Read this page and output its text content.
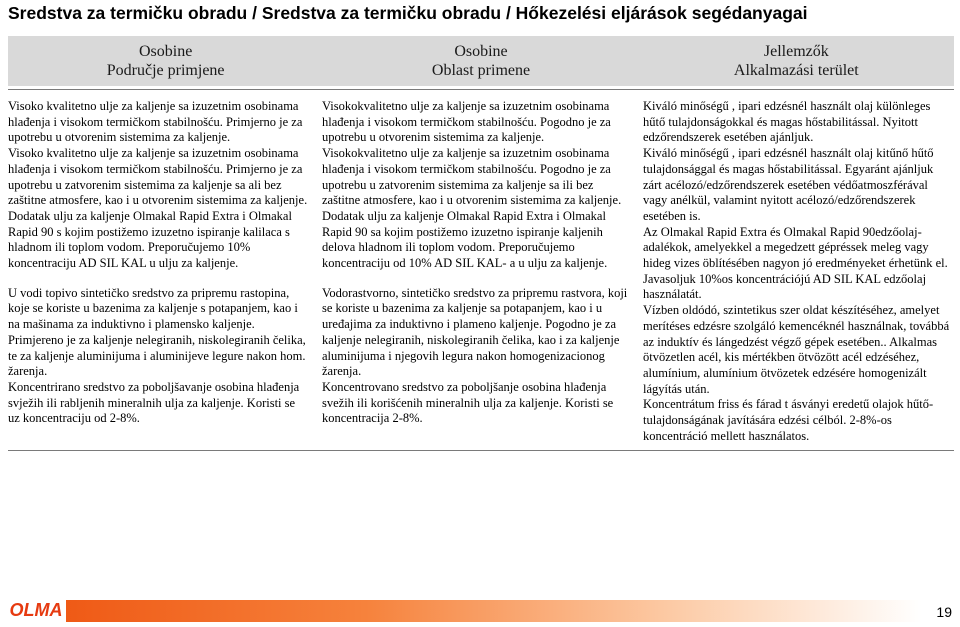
Sredstva za termičku obradu / Sredstva za termičku obradu / Hőkezelési eljárások segédanyagai
Osobine
Područje primjene
Osobine
Oblast primene
Jellemzők
Alkalmazási terület

Visoko kvalitetno ulje za kaljenje sa izuzetnim osobinama hlađenja i visokom termičkom stabilnošću. Primjerno je za upotrebu u otvorenim sistemima za kaljenje.

Visoko kvalitetno ulje za kaljenje sa izuzetnim osobinama hlađenja i visokom termičkom stabilnošću. Primjerno je za upotrebu u zatvorenim sistemima za kaljenje sa ali bez zaštitne atmosfere, kao i u otvorenim sistemima za kaljenje.

Dodatak ulju za kaljenje Olmakal Rapid Extra i Olmakal Rapid 90 s kojim postižemo izuzetno ispiranje kalilaca s hladnom ili toplom vodom. Preporučujemo 10% koncentraciju AD SIL KAL u ulju za kaljenje.

U vodi topivo sintetičko sredstvo za pripremu rastopina, koje se koriste u bazenima za kaljenje s potapanjem, kao i na mašinama za induktivno i plamensko kaljenje. Primjereno je za kaljenje nelegiranih, niskolegiranih čelika, te za kaljenje aluminijuma i aluminijeve legure nakon hom. žarenja.

Koncentrirano sredstvo za poboljšavanje osobina hlađenja svježih ili rabljenih mineralnih ulja za kaljenje. Koristi se uz koncentraciju od 2-8%.

Visokokvalitetno ulje za kaljenje sa izuzetnim osobinama hlađenja i visokom termičkom stabilnošću. Pogodno je za upotrebu u otvorenim sistemima za kaljenje.

Visokokvalitetno ulje za kaljenje sa izuzetnim osobinama hlađenja i visokom termičkom stabilnošću. Pogodno je za upotrebu u zatvorenim sistemima za kaljenje sa ili bez zaštitne atmosfere, kao i u otvorenim sistemima za kaljenje.

Dodatak ulju za kaljenje Olmakal Rapid Extra i Olmakal Rapid 90 sa kojim postižemo izuzetno ispiranje kaljenih delova hladnom ili toplom vodom. Preporučujemo koncentraciju od 10% AD SIL KAL- a u ulju za kaljenje.

Vodorastvorno, sintetičko sredstvo za pripremu rastvora, koji se koriste u bazenima za kaljenje sa potapanjem, kao i u uređajima za induktivno i plameno kaljenje. Pogodno je za kaljenje nelegiranih, niskolegiranih čelika, kao i za kaljenje aluminijuma i njegovih legura nakon homogenizacionog žarenja.

Koncentrovano sredstvo za poboljšanje osobina hlađenja svežih ili korišćenih mineralnih ulja za kaljenje. Koristi se koncentracija 2-8%.

Kiváló minőségű , ipari edzésnél használt olaj különleges hűtő tulajdonságokkal és magas hőstabilitással. Nyitott edzőrendszerek esetében ajánljuk.

Kiváló minőségű , ipari edzésnél használt olaj kitűnő hűtő tulajdonsággal és magas hőstabilitással. Egyaránt ajánljuk zárt acélozó/edzőrendszerek esetében védőatmoszférával vagy anélkül, valamint nyitott acélozó/edzőrendszerek esetében is.

Az Olmakal Rapid Extra és Olmakal Rapid 90edzőolaj-adalékok, amelyekkel a megedzett gépréssek meleg vagy hideg vizes öblítésében nagyon jó eredményeket érhetünk el. Javasoljuk 10%os koncentrációjú AD SIL KAL edzőolaj használatát.

Vízben oldódó, szintetikus szer oldat készítéséhez, amelyet merítéses edzésre szolgáló kemencéknél használnak, továbbá az induktív és lángedzést végző gépek esetében.. Alkalmas ötvözetlen acél, kis mértékben ötvözött acél edzéséhez, alumínium, alumínium ötvözetek edzésére homogenizált lágyítás után.

Koncentrátum friss és fárad t ásványi eredetű olajok hűtő-tulajdonságának javítására edzési célból. 2-8%-os koncentráció mellett használatos.

OLMA	19
